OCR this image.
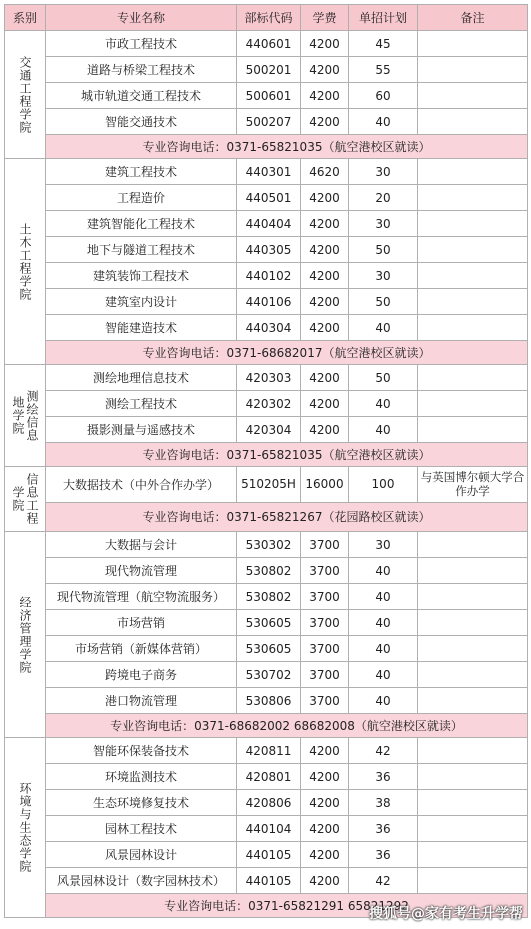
系别	专业名称	部标代码	学费	单招计划	备注

交通工程学院	市政工程技术	440601	4200	45	
	道路与桥梁工程技术	500201	4200	55	
	城市轨道交通工程技术	500601	4200	60	
	智能交通技术	500207	4200	40	
	专业咨询电话：0371-65821035（航空港校区就读）				

土木工程学院	建筑工程技术	440301	4620	30	
	工程造价	440501	4200	20	
	建筑智能化工程技术	440404	4200	30	
	地下与隧道工程技术	440305	4200	50	
	建筑装饰工程技术	440102	4200	30	
	建筑室内设计	440106	4200	50	
	智能建造技术	440304	4200	40	
	专业咨询电话：0371-68682017（航空港校区就读）				

测绘信息地学院	测绘地理信息技术	420303	4200	50	
	测绘工程技术	420302	4200	40	
	摄影测量与遥感技术	420304	4200	40	
	专业咨询电话：0371-65821035（航空港校区就读）				

信息工程学院	大数据技术（中外合作办学）	510205H	16000	100	与英国博尔顿大学合作办学
	专业咨询电话：0371-65821267（花园路校区就读）				

经济管理学院	大数据与会计	530302	3700	30	
	现代物流管理	530802	3700	40	
	现代物流管理（航空物流服务）	530802	3700	40	
	市场营销	530605	3700	40	
	市场营销（新媒体营销）	530605	3700	40	
	跨境电子商务	530702	3700	40	
	港口物流管理	530806	3700	40	
	专业咨询电话：0371-68682002 68682008（航空港校区就读）				

环境与生态学院	智能环保装备技术	420811	4200	42	
	环境监测技术	420801	4200	36	
	生态环境修复技术	420806	4200	38	
	园林工程技术	440104	4200	36	
	风景园林设计	440105	4200	36	
	风景园林设计（数字园林技术）	440105	4200	42	
	专业咨询电话：0371-65821291 65821292				
搜狐号@家有考生升学帮
